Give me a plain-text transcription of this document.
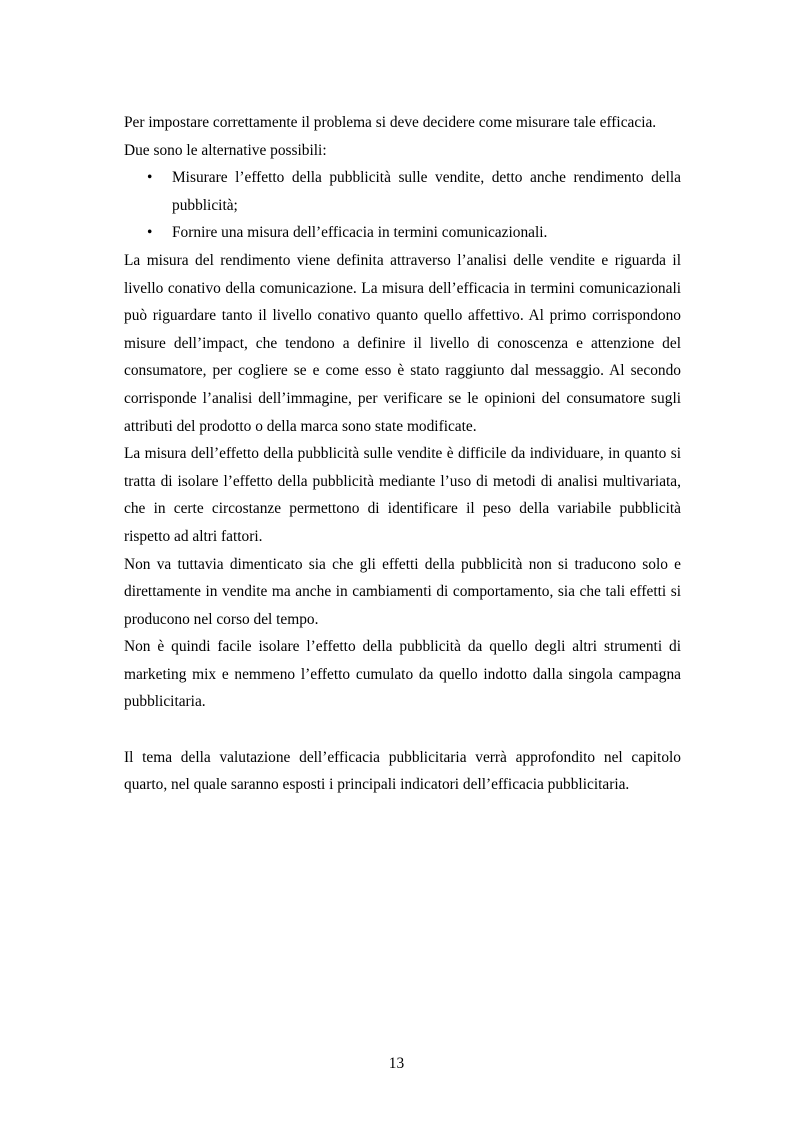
Per impostare correttamente il problema si deve decidere come misurare tale efficacia.

Due sono le alternative possibili:

• Misurare l’effetto della pubblicità sulle vendite, detto anche rendimento della pubblicità;
• Fornire una misura dell’efficacia in termini comunicazionali.

La misura del rendimento viene definita attraverso l’analisi delle vendite e riguarda il livello conativo della comunicazione. La misura dell’efficacia in termini comunicazionali può riguardare tanto il livello conativo quanto quello affettivo. Al primo corrispondono misure dell’impact, che tendono a definire il livello di conoscenza e attenzione del consumatore, per cogliere se e come esso è stato raggiunto dal messaggio. Al secondo corrisponde l’analisi dell’immagine, per verificare se le opinioni del consumatore sugli attributi del prodotto o della marca sono state modificate.

La misura dell’effetto della pubblicità sulle vendite è difficile da individuare, in quanto si tratta di isolare l’effetto della pubblicità mediante l’uso di metodi di analisi multivariata, che in certe circostanze permettono di identificare il peso della variabile pubblicità rispetto ad altri fattori.

Non va tuttavia dimenticato sia che gli effetti della pubblicità non si traducono solo e direttamente in vendite ma anche in cambiamenti di comportamento, sia che tali effetti si producono nel corso del tempo.

Non è quindi facile isolare l’effetto della pubblicità da quello degli altri strumenti di marketing mix e nemmeno l’effetto cumulato da quello indotto dalla singola campagna pubblicitaria.

Il tema della valutazione dell’efficacia pubblicitaria verrà approfondito nel capitolo quarto, nel quale saranno esposti i principali indicatori dell’efficacia pubblicitaria.

13
